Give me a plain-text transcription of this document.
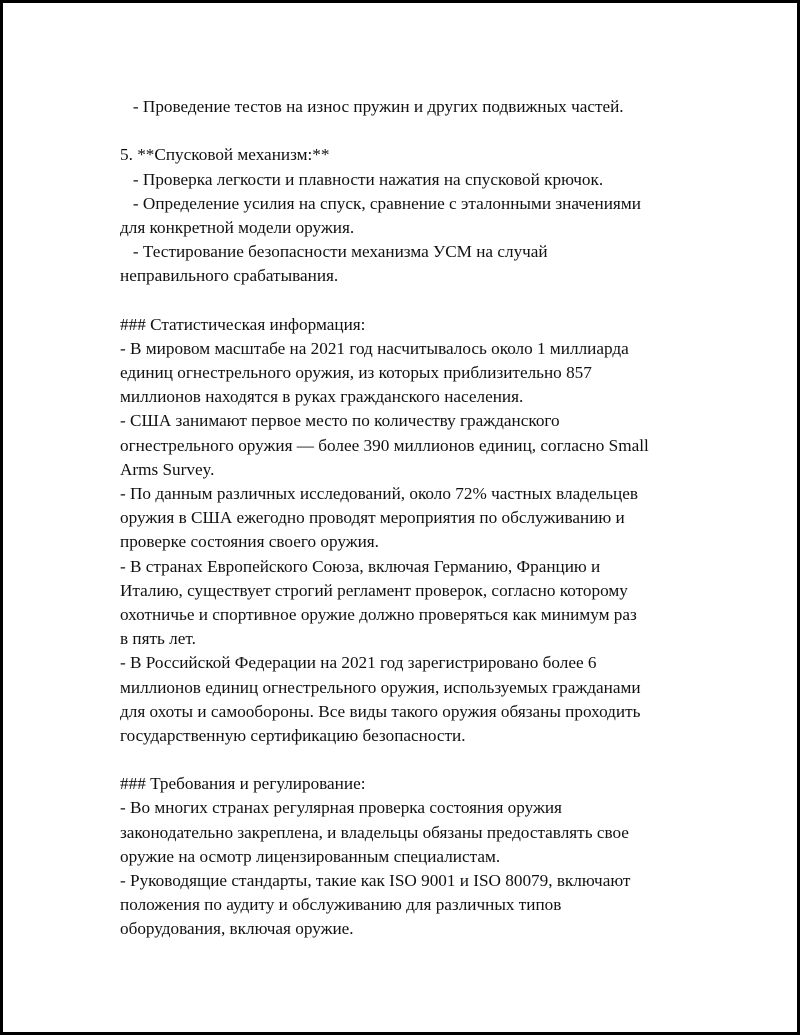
- Проведение тестов на износ пружин и других подвижных частей.
5. **Спусковой механизм:**
- Проверка легкости и плавности нажатия на спусковой крючок.
- Определение усилия на спуск, сравнение с эталонными значениями
для конкретной модели оружия.
- Тестирование безопасности механизма УСМ на случай
неправильного срабатывания.
### Статистическая информация:
- В мировом масштабе на 2021 год насчитывалось около 1 миллиарда
единиц огнестрельного оружия, из которых приблизительно 857
миллионов находятся в руках гражданского населения.
- США занимают первое место по количеству гражданского
огнестрельного оружия — более 390 миллионов единиц, согласно Small
Arms Survey.
- По данным различных исследований, около 72% частных владельцев
оружия в США ежегодно проводят мероприятия по обслуживанию и
проверке состояния своего оружия.
- В странах Европейского Союза, включая Германию, Францию и
Италию, существует строгий регламент проверок, согласно которому
охотничье и спортивное оружие должно проверяться как минимум раз
в пять лет.
- В Российской Федерации на 2021 год зарегистрировано более 6
миллионов единиц огнестрельного оружия, используемых гражданами
для охоты и самообороны. Все виды такого оружия обязаны проходить
государственную сертификацию безопасности.
### Требования и регулирование:
- Во многих странах регулярная проверка состояния оружия
законодательно закреплена, и владельцы обязаны предоставлять свое
оружие на осмотр лицензированным специалистам.
- Руководящие стандарты, такие как ISO 9001 и ISO 80079, включают
положения по аудиту и обслуживанию для различных типов
оборудования, включая оружие.
